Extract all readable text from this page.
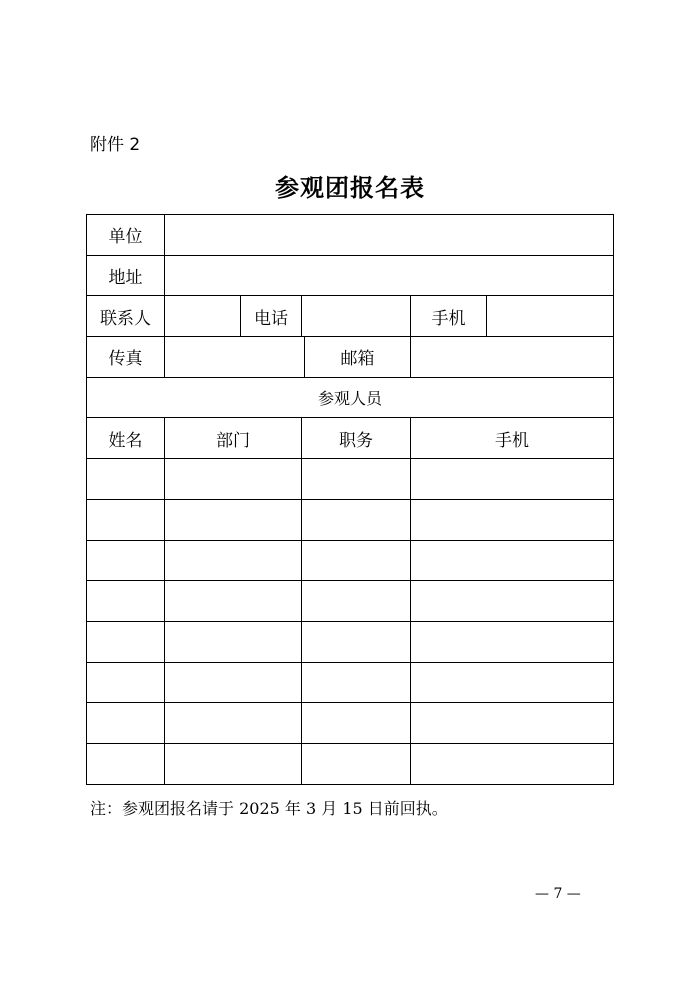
附件 2
参观团报名表
单位						
地址						
联系人		电话			手机	
传真				邮箱		
参观人员						
姓名	部门		职务		手机	

注：参观团报名请于 2025 年 3 月 15 日前回执。
— 7 —
